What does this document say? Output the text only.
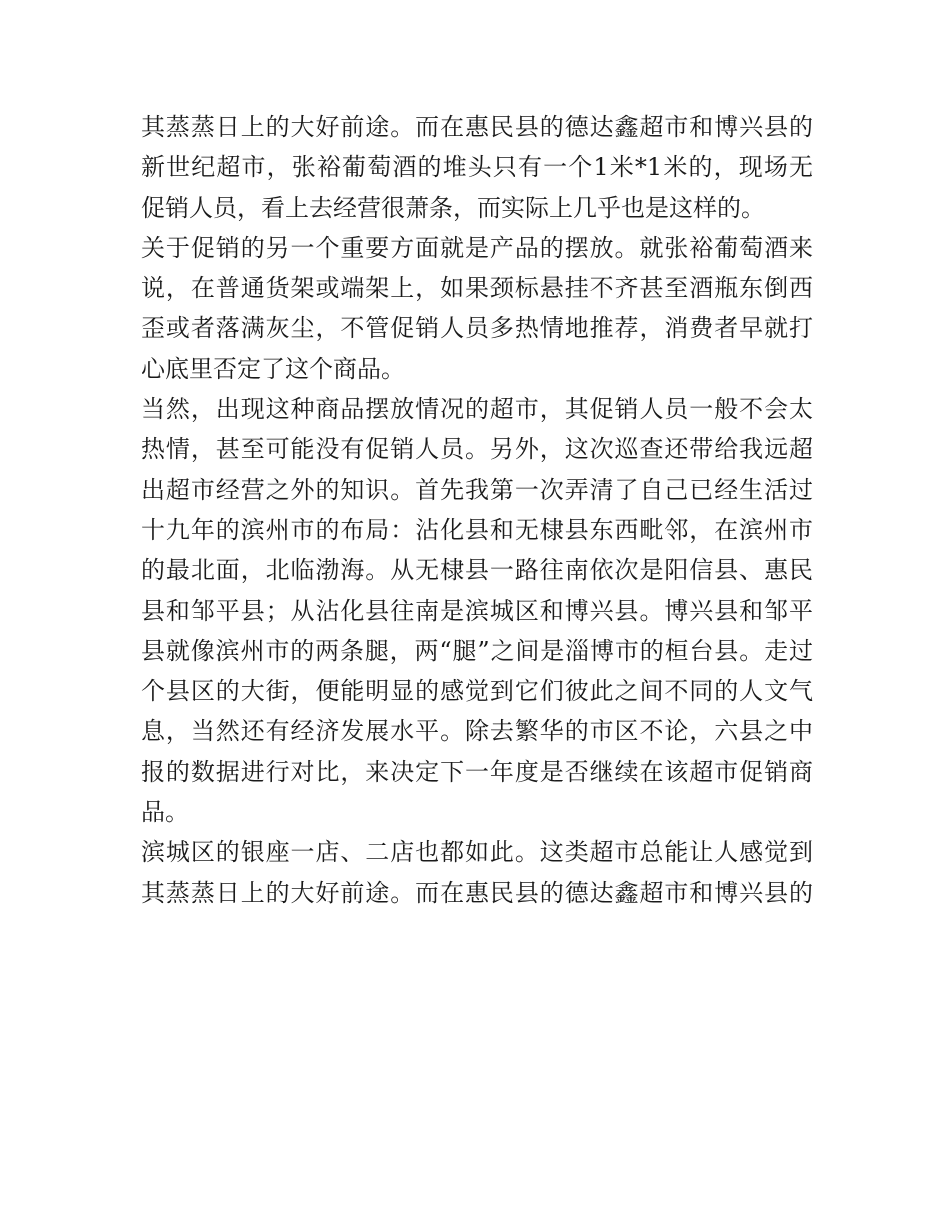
其蒸蒸日上的大好前途。而在惠民县的德达鑫超市和博兴县的
新世纪超市，张裕葡萄酒的堆头只有一个1米*1米的，现场无
促销人员，看上去经营很萧条，而实际上几乎也是这样的。
关于促销的另一个重要方面就是产品的摆放。就张裕葡萄酒来
说，在普通货架或端架上，如果颈标悬挂不齐甚至酒瓶东倒西
歪或者落满灰尘，不管促销人员多热情地推荐，消费者早就打
心底里否定了这个商品。
当然，出现这种商品摆放情况的超市，其促销人员一般不会太
热情，甚至可能没有促销人员。另外，这次巡查还带给我远超
出超市经营之外的知识。首先我第一次弄清了自己已经生活过
十九年的滨州市的布局：沾化县和无棣县东西毗邻，在滨州市
的最北面，北临渤海。从无棣县一路往南依次是阳信县、惠民
县和邹平县；从沾化县往南是滨城区和博兴县。博兴县和邹平
县就像滨州市的两条腿，两“腿”之间是淄博市的桓台县。走过
个县区的大街，便能明显的感觉到它们彼此之间不同的人文气
息，当然还有经济发展水平。除去繁华的市区不论，六县之中
报的数据进行对比，来决定下一年度是否继续在该超市促销商
品。
滨城区的银座一店、二店也都如此。这类超市总能让人感觉到
其蒸蒸日上的大好前途。而在惠民县的德达鑫超市和博兴县的
